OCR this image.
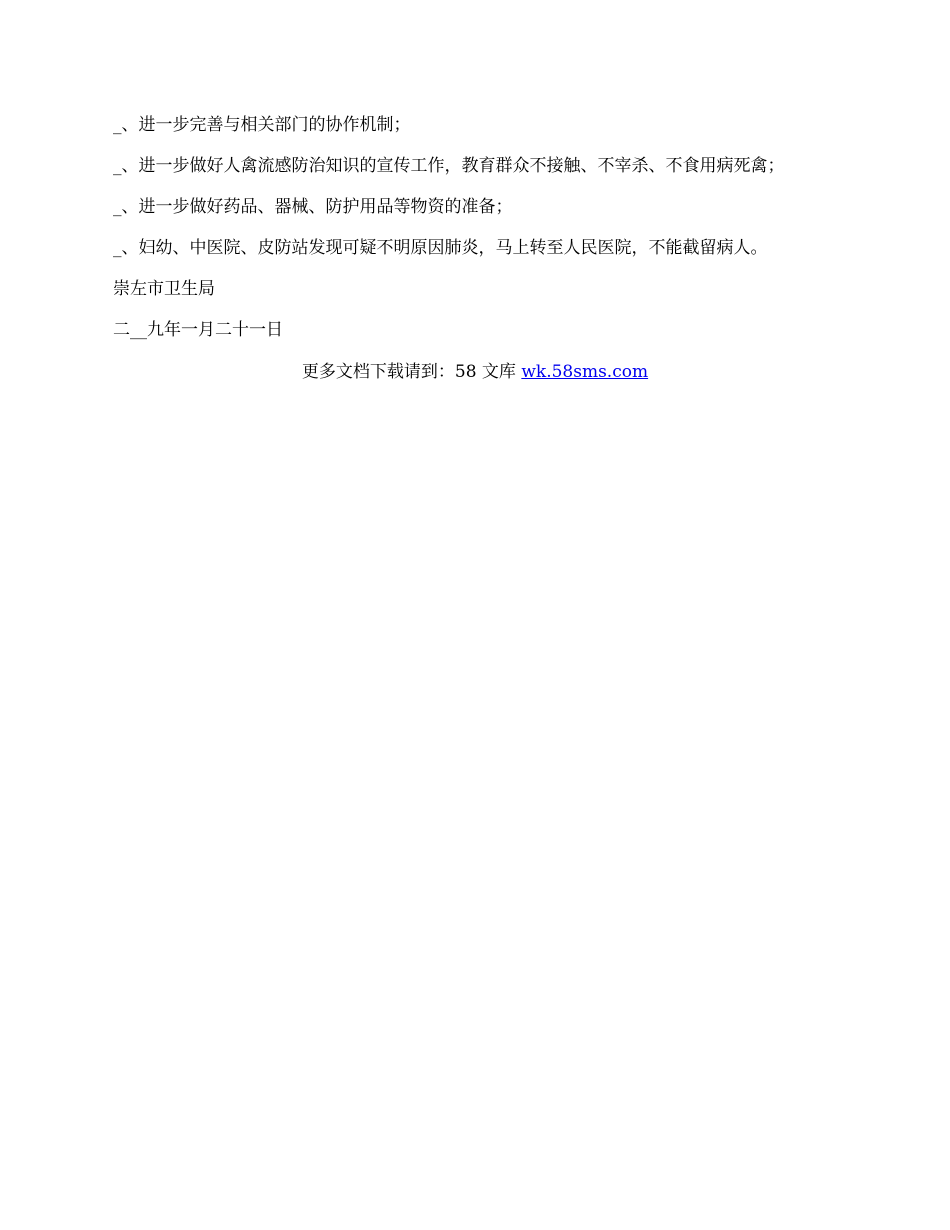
_、进一步完善与相关部门的协作机制；

_、进一步做好人禽流感防治知识的宣传工作，教育群众不接触、不宰杀、不食用病死禽；

_、进一步做好药品、器械、防护用品等物资的准备；

_、妇幼、中医院、皮防站发现可疑不明原因肺炎，马上转至人民医院，不能截留病人。

崇左市卫生局

二__九年一月二十一日

更多文档下载请到：58 文库 wk.58sms.com
